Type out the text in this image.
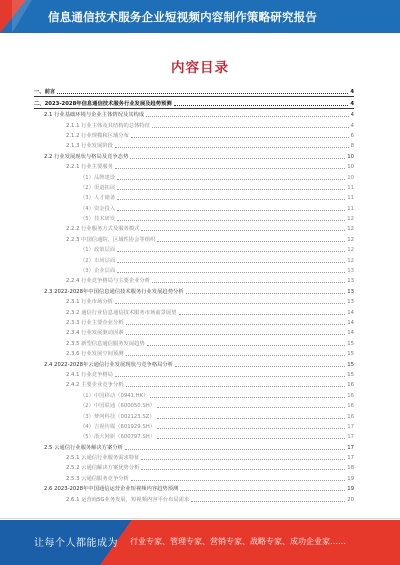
信息通信技术服务企业短视频内容制作策略研究报告
内容目录
一、前言	4
二、2023-2028年信息通信技术服务行业发展及趋势预测	4
2.1 行业基础环境与企业主体情况及其构成	4
2.1.1 行业主体及其结构的总体特征	4
2.1.2 行业规模和区域分布	6
2.1.3 行业发展阶段	8
2.2 行业发展现状与格局及竞争态势	10
2.2.1 行业主要服务	10
（1）品牌建设	10
（2）渠道拓展	11
（3）人才储备	11
（4）资金投入	11
（5）技术研发	12
2.2.2 行业服务方式及服务模式	12
2.2.3 中国信通院、区域性协会等组织	12
（1）政策层面	12
（2）市场层面	12
（3）企业层面	13
2.2.4 行业竞争格局与主要企业分析	13
2.3 2022-2028年中国信息通信技术服务行业发展趋势分析	13
2.3.1 行业市场分析	13
2.3.2 通信行业信息通信技术服务市场前景展望	14
2.3.3 行业主要企业分析	14
2.3.4 行业发展驱动因素	14
2.3.5 新型信息通信服务发展趋势	15
2.3.6 行业发展空间预测	15
2.4 2022-2028年云通信行业发展现状与竞争格局分析	15
2.4.1 行业竞争格局	15
2.4.2 主要企业竞争分析	16
（1）中国移动（0941.HK）	16
（2）中国联通（600050.SH）	16
（3）梦网科技（002123.SZ）	16
（4）吉视传媒（601929.SH）	17
（5）浙大网新（600797.SH）	17
2.5 云通信行业服务解决方案分析	17
2.5.1 云通信行业服务需求特征	17
2.5.2 云通信解决方案优势分析	18
2.5.3 云通信服务竞争分析	19
2.6 2023-2028年中国通信运营企业短视频内容趋势预测	19
2.6.1 运营商5G业务发展，短视频内容平台布局需求	20
让每个人都能成为 行业专家、管理专家、营销专家、战略专家、成功企业家……
